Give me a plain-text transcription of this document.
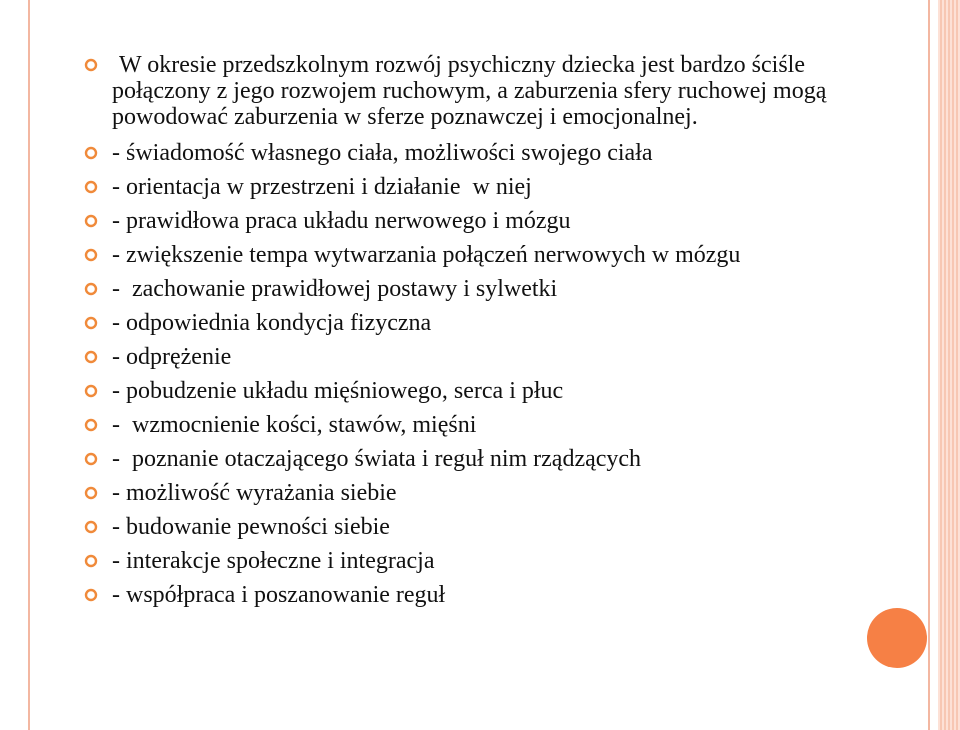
W okresie przedszkolnym rozwój psychiczny dziecka jest bardzo ściśle połączony z jego rozwojem ruchowym, a zaburzenia sfery ruchowej mogą powodować zaburzenia w sferze poznawczej i emocjonalnej.
- świadomość własnego ciała, możliwości swojego ciała
- orientacja w przestrzeni i działanie  w niej
- prawidłowa praca układu nerwowego i mózgu
- zwiększenie tempa wytwarzania połączeń nerwowych w mózgu
-  zachowanie prawidłowej postawy i sylwetki
- odpowiednia kondycja fizyczna
- odprężenie
- pobudzenie układu mięśniowego, serca i płuc
-  wzmocnienie kości, stawów, mięśni
-  poznanie otaczającego świata i reguł nim rządzących
- możliwość wyrażania siebie
- budowanie pewności siebie
- interakcje społeczne i integracja
- współpraca i poszanowanie reguł
